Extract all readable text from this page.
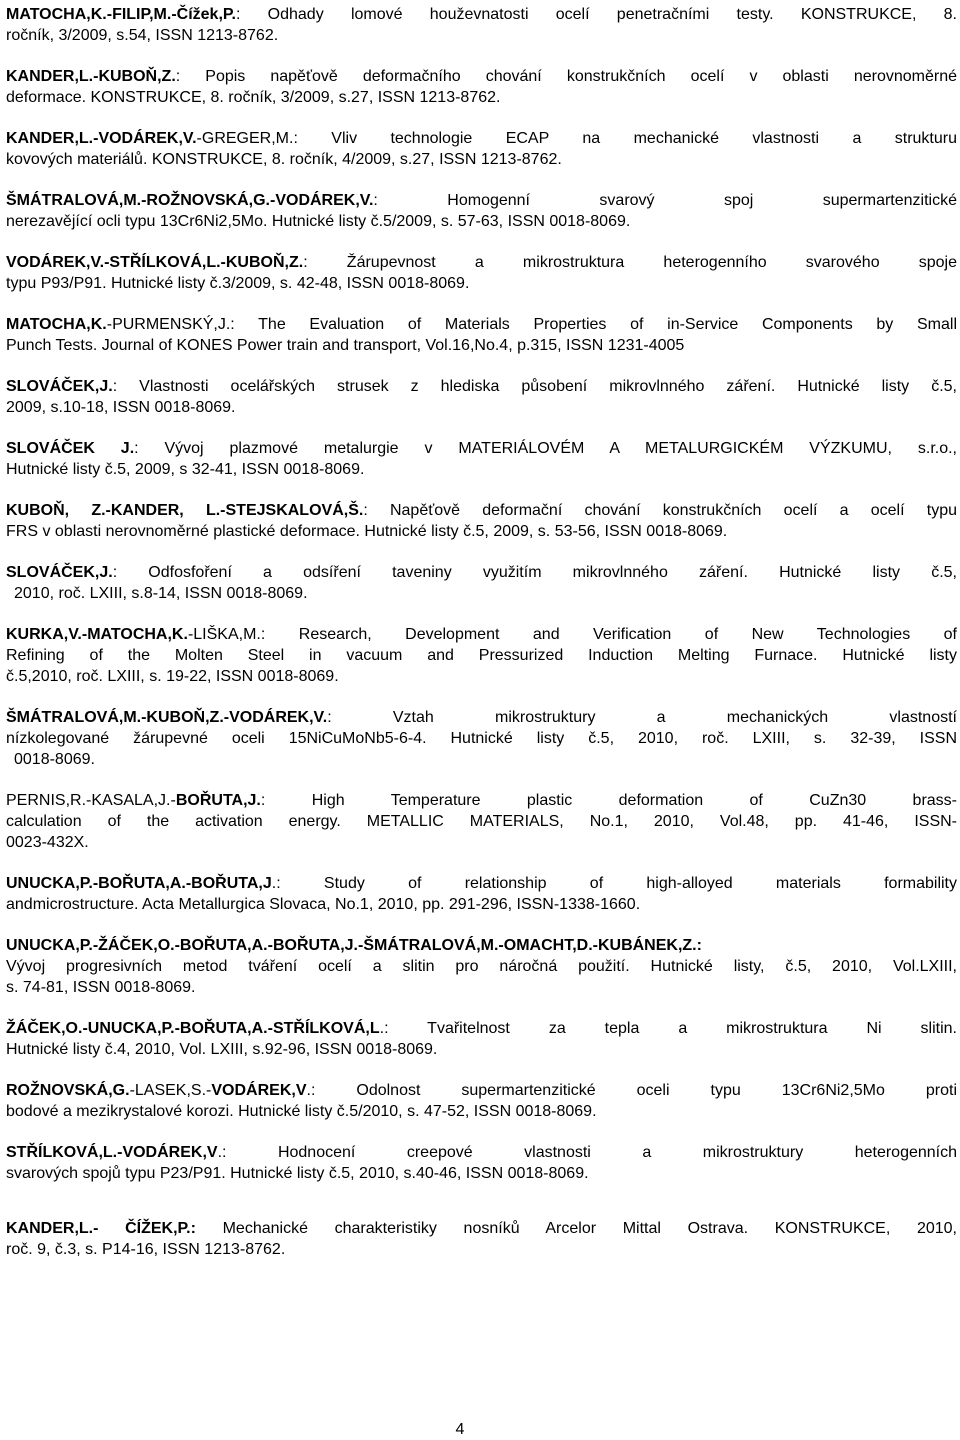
MATOCHA,K.-FILIP,M.-Čížek,P.: Odhady lomové houževnatosti ocelí penetračními testy. KONSTRUKCE, 8.
ročník, 3/2009, s.54, ISSN 1213-8762.
KANDER,L.-KUBOŇ,Z.: Popis napěťově deformačního chování konstrukčních ocelí v oblasti nerovnoměrné
deformace. KONSTRUKCE, 8. ročník, 3/2009, s.27, ISSN 1213-8762.
KANDER,L.-VODÁREK,V.-GREGER,M.: Vliv technologie ECAP na mechanické vlastnosti a strukturu
kovových materiálů. KONSTRUKCE, 8. ročník, 4/2009, s.27, ISSN 1213-8762.
ŠMÁTRALOVÁ,M.-ROŽNOVSKÁ,G.-VODÁREK,V.: Homogenní svarový spoj supermartenzitické
nerezavějící ocli typu 13Cr6Ni2,5Mo. Hutnické listy č.5/2009, s. 57-63, ISSN 0018-8069.
VODÁREK,V.-STŘÍLKOVÁ,L.-KUBOŇ,Z.: Žárupevnost a mikrostruktura heterogenního svarového spoje
typu P93/P91. Hutnické listy č.3/2009, s. 42-48, ISSN 0018-8069.
MATOCHA,K.-PURMENSKÝ,J.: The Evaluation of Materials Properties of in-Service Components by Small
Punch Tests. Journal of KONES Power train and transport, Vol.16,No.4, p.315, ISSN 1231-4005
SLOVÁČEK,J.: Vlastnosti ocelářských strusek z hlediska působení mikrovlnného záření. Hutnické listy č.5,
2009, s.10-18, ISSN 0018-8069.
SLOVÁČEK J.: Vývoj plazmové metalurgie v MATERIÁLOVÉM A METALURGICKÉM VÝZKUMU, s.r.o.,
Hutnické listy č.5, 2009, s 32-41, ISSN 0018-8069.
KUBOŇ, Z.-KANDER, L.-STEJSKALOVÁ,Š.: Napěťově deformační chování konstrukčních ocelí a ocelí typu
FRS v oblasti nerovnoměrné plastické deformace. Hutnické listy č.5, 2009, s. 53-56, ISSN 0018-8069.
SLOVÁČEK,J.: Odfosfoření a odsíření taveniny využitím mikrovlnného záření. Hutnické listy č.5,
2010, roč. LXIII, s.8-14, ISSN 0018-8069.
KURKA,V.-MATOCHA,K.-LIŠKA,M.: Research, Development and Verification of New Technologies of
Refining of the Molten Steel in vacuum and Pressurized Induction Melting Furnace. Hutnické listy
č.5,2010, roč. LXIII, s. 19-22, ISSN 0018-8069.
ŠMÁTRALOVÁ,M.-KUBOŇ,Z.-VODÁREK,V.: Vztah mikrostruktury a mechanických vlastností
nízkolegované žárupevné oceli 15NiCuMoNb5-6-4. Hutnické listy č.5, 2010, roč. LXIII, s. 32-39, ISSN
0018-8069.
PERNIS,R.-KASALA,J.-BOŘUTA,J.: High Temperature plastic deformation of CuZn30 brass-
calculation of the activation energy. METALLIC MATERIALS, No.1, 2010, Vol.48, pp. 41-46, ISSN-
0023-432X.
UNUCKA,P.-BOŘUTA,A.-BOŘUTA,J.: Study of relationship of high-alloyed materials formability
andmicrostructure. Acta Metallurgica Slovaca, No.1, 2010, pp. 291-296, ISSN-1338-1660.
UNUCKA,P.-ŽÁČEK,O.-BOŘUTA,A.-BOŘUTA,J.-ŠMÁTRALOVÁ,M.-OMACHT,D.-KUBÁNEK,Z.:
Vývoj progresivních metod tváření ocelí a slitin pro náročná použití. Hutnické listy, č.5, 2010, Vol.LXIII,
s. 74-81, ISSN 0018-8069.
ŽÁČEK,O.-UNUCKA,P.-BOŘUTA,A.-STŘÍLKOVÁ,L.: Tvařitelnost za tepla a mikrostruktura Ni slitin.
Hutnické listy č.4, 2010, Vol. LXIII, s.92-96, ISSN 0018-8069.
ROŽNOVSKÁ,G.-LASEK,S.-VODÁREK,V.: Odolnost supermartenzitické oceli typu 13Cr6Ni2,5Mo proti
bodové a mezikrystalové korozi. Hutnické listy č.5/2010, s. 47-52, ISSN 0018-8069.
STŘÍLKOVÁ,L.-VODÁREK,V.: Hodnocení creepové vlastnosti a mikrostruktury heterogenních
svarových spojů typu P23/P91. Hutnické listy č.5, 2010, s.40-46, ISSN 0018-8069.
KANDER,L.- ČÍŽEK,P.: Mechanické charakteristiky nosníků Arcelor Mittal Ostrava. KONSTRUKCE, 2010,
roč. 9, č.3, s. P14-16, ISSN 1213-8762.
4
